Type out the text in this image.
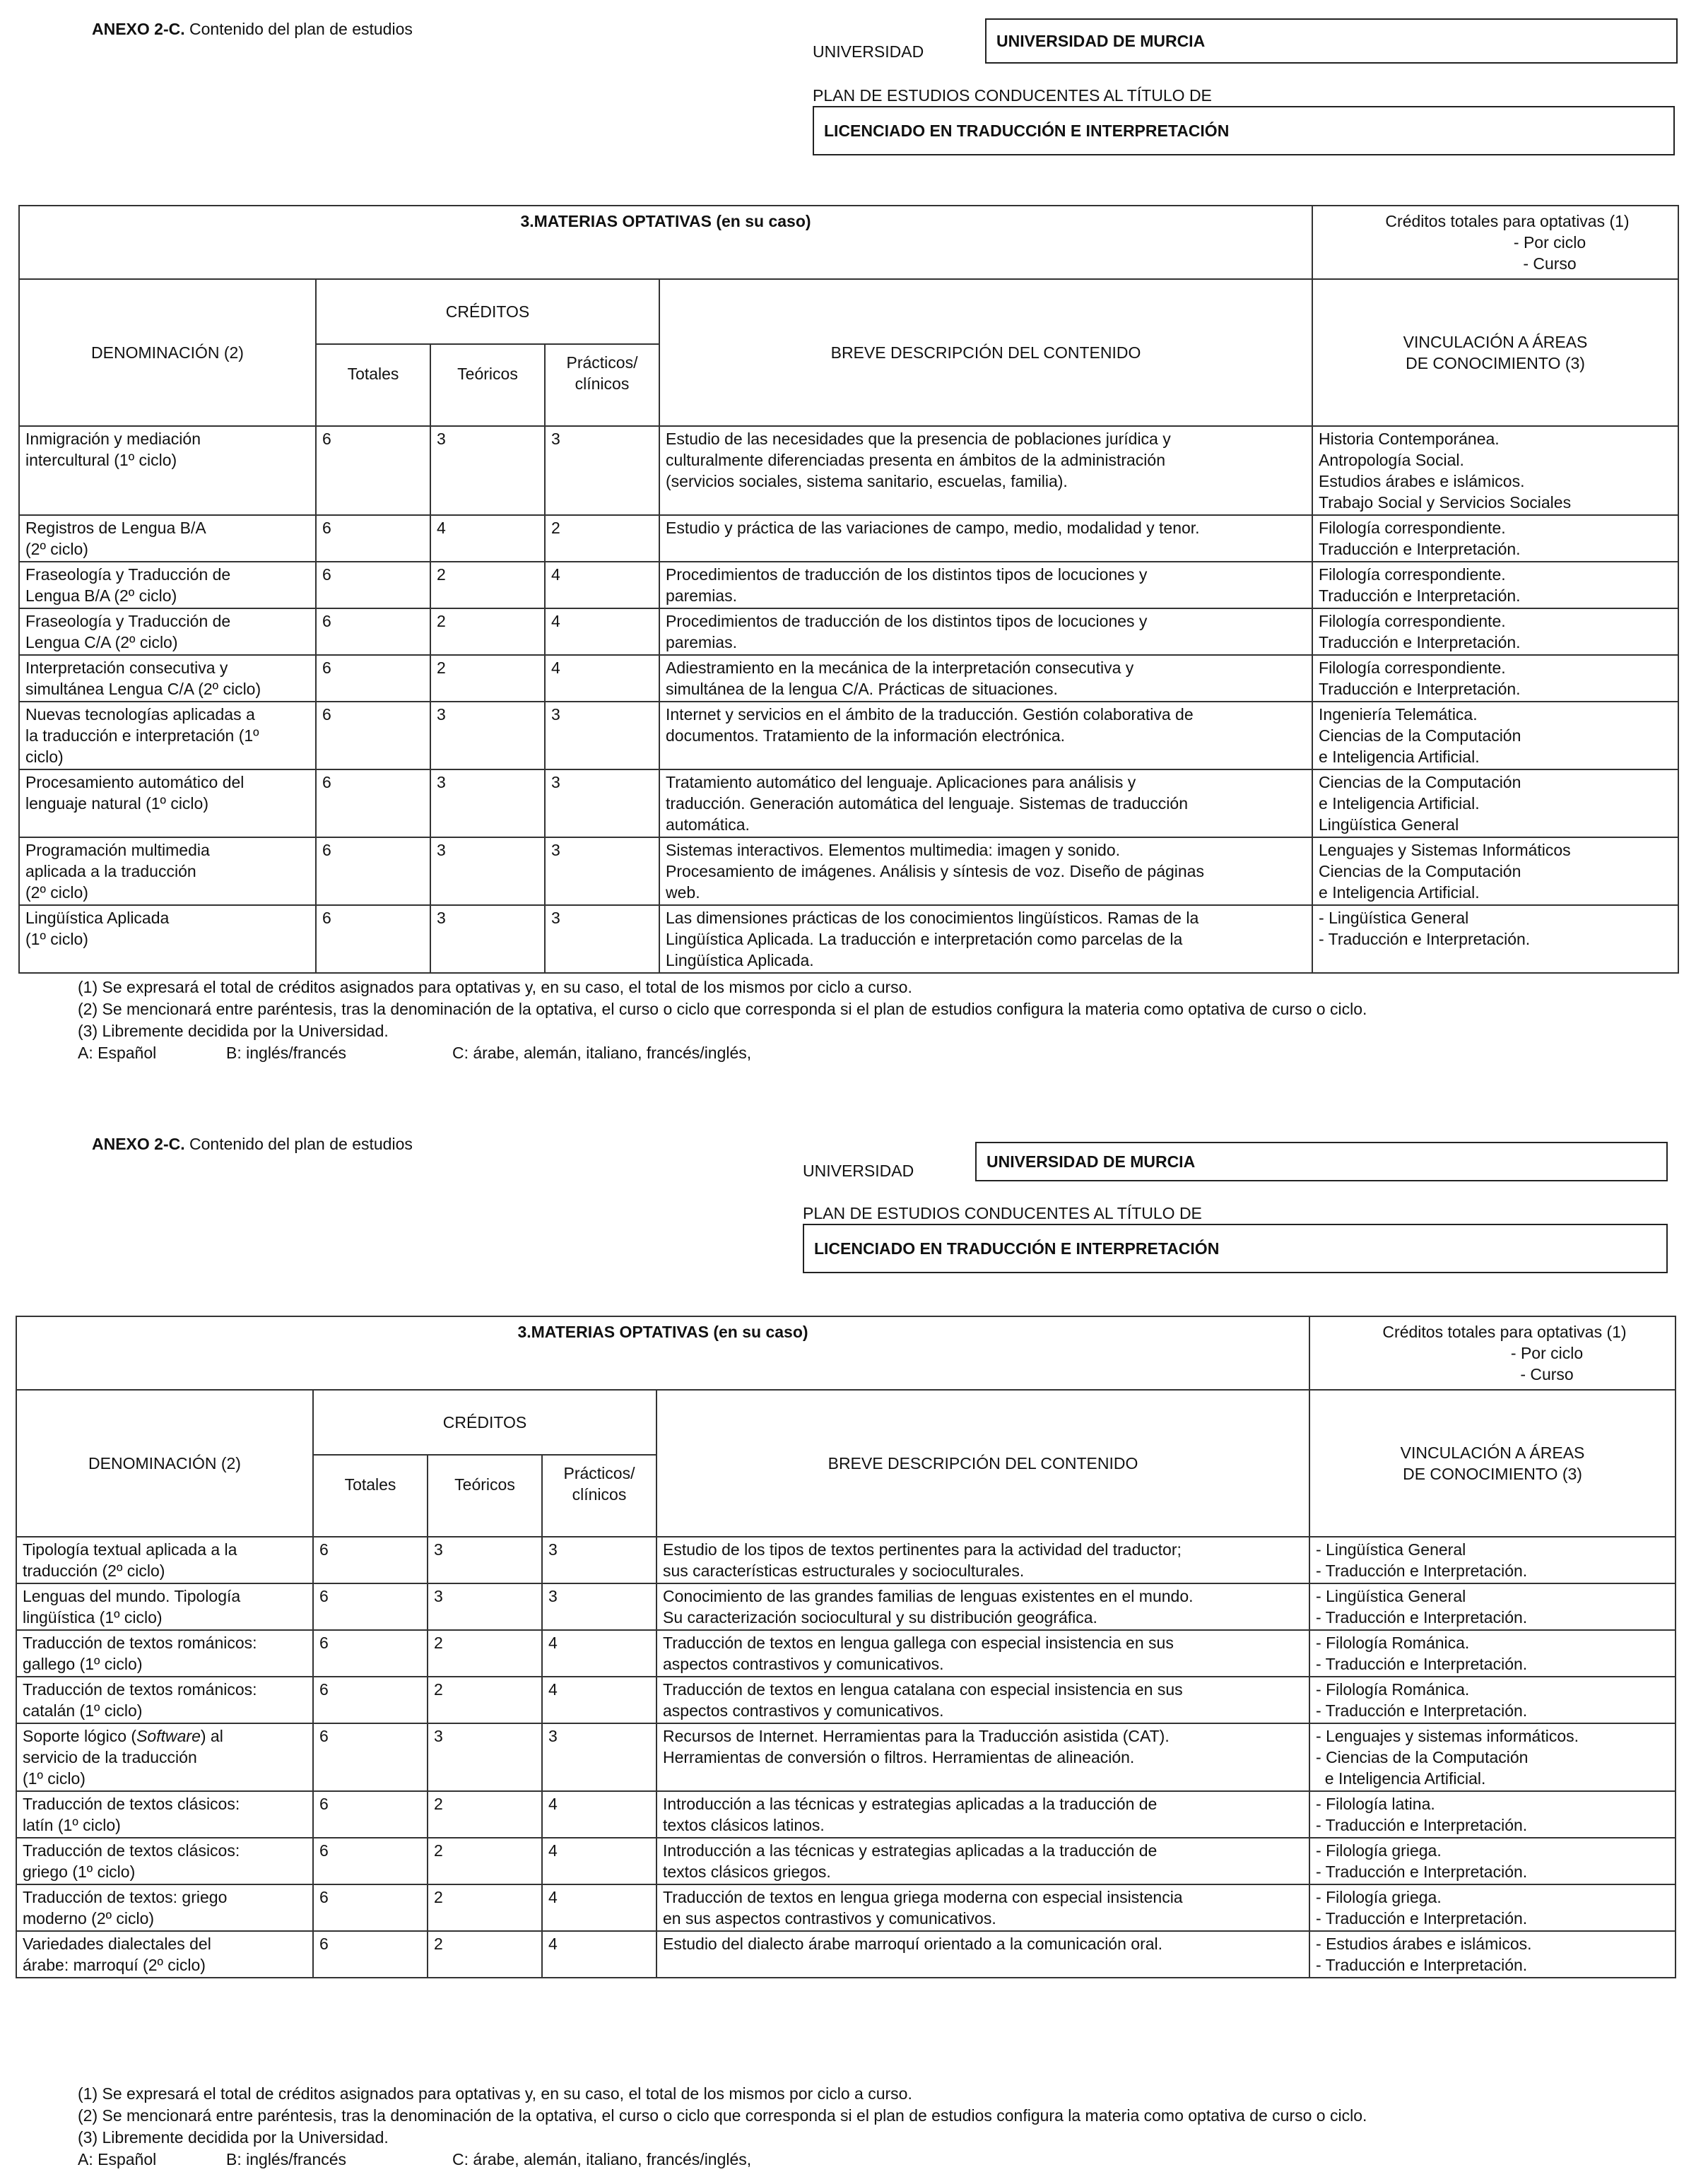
ANEXO 2-C. Contenido del plan de estudios
UNIVERSIDAD
UNIVERSIDAD DE MURCIA
PLAN DE ESTUDIOS CONDUCENTES AL TÍTULO DE
LICENCIADO EN TRADUCCIÓN E INTERPRETACIÓN
3.MATERIAS OPTATIVAS (en su caso)					Créditos totales para optativas (1)
- Por ciclo
- Curso

DENOMINACIÓN (2)	CRÉDITOS			BREVE DESCRIPCIÓN DEL CONTENIDO	VINCULACIÓN A ÁREAS
DE CONOCIMIENTO (3)

	Totales	Teóricos	Prácticos/
clínicos		

Inmigración y mediación
intercultural (1º ciclo)	6	3	3	Estudio de las necesidades que la presencia de poblaciones jurídica y
culturalmente diferenciadas presenta en ámbitos de la administración
(servicios sociales, sistema sanitario, escuelas, familia).	Historia Contemporánea.
Antropología Social.
Estudios árabes e islámicos.
Trabajo Social y Servicios Sociales

Registros de Lengua B/A
(2º ciclo)	6	4	2	Estudio y práctica de las variaciones de campo, medio, modalidad y tenor.	Filología correspondiente.
Traducción e Interpretación.

Fraseología y Traducción de
Lengua B/A (2º ciclo)	6	2	4	Procedimientos de traducción de los distintos tipos de locuciones y
paremias.	Filología correspondiente.
Traducción e Interpretación.

Fraseología y Traducción de
Lengua C/A (2º ciclo)	6	2	4	Procedimientos de traducción de los distintos tipos de locuciones y
paremias.	Filología correspondiente.
Traducción e Interpretación.

Interpretación consecutiva y
simultánea Lengua C/A (2º ciclo)	6	2	4	Adiestramiento en la mecánica de la interpretación consecutiva y
simultánea de la lengua C/A. Prácticas de situaciones.	Filología correspondiente.
Traducción e Interpretación.

Nuevas tecnologías aplicadas a
la traducción e interpretación (1º
ciclo)	6	3	3	Internet y servicios en el ámbito de la traducción. Gestión colaborativa de
documentos. Tratamiento de la información electrónica.	Ingeniería Telemática.
Ciencias de la Computación
e Inteligencia Artificial.

Procesamiento automático del
lenguaje natural (1º ciclo)	6	3	3	Tratamiento automático del lenguaje. Aplicaciones para análisis y
traducción. Generación automática del lenguaje. Sistemas de traducción
automática.	Ciencias de la Computación
e Inteligencia Artificial.
Lingüística General

Programación multimedia
aplicada a la traducción
(2º ciclo)	6	3	3	Sistemas interactivos. Elementos multimedia: imagen y sonido.
Procesamiento de imágenes. Análisis y síntesis de voz. Diseño de páginas
web.	Lenguajes y Sistemas Informáticos
Ciencias de la Computación
e Inteligencia Artificial.

Lingüística Aplicada
(1º ciclo)	6	3	3	Las dimensiones prácticas de los conocimientos lingüísticos. Ramas de la
Lingüística Aplicada. La traducción e interpretación como parcelas de la
Lingüística Aplicada.	- Lingüística General
- Traducción e Interpretación.
(1) Se expresará el total de créditos asignados para optativas y, en su caso, el total de los mismos por ciclo a curso.
(2) Se mencionará entre paréntesis, tras la denominación de la optativa, el curso o ciclo que corresponda si el plan de estudios configura la materia como optativa de curso o ciclo.
(3) Libremente decidida por la Universidad.
A: Español	B: inglés/francés	C: árabe, alemán, italiano, francés/inglés,
ANEXO 2-C. Contenido del plan de estudios
UNIVERSIDAD
UNIVERSIDAD DE MURCIA
PLAN DE ESTUDIOS CONDUCENTES AL TÍTULO DE
LICENCIADO EN TRADUCCIÓN E INTERPRETACIÓN
3.MATERIAS OPTATIVAS (en su caso)					Créditos totales para optativas (1)
- Por ciclo
- Curso

DENOMINACIÓN (2)	CRÉDITOS			BREVE DESCRIPCIÓN DEL CONTENIDO	VINCULACIÓN A ÁREAS
DE CONOCIMIENTO (3)

	Totales	Teóricos	Prácticos/
clínicos		

Tipología textual aplicada a la
traducción (2º ciclo)	6	3	3	Estudio de los tipos de textos pertinentes para la actividad del traductor;
sus características estructurales y socioculturales.	- Lingüística General
- Traducción e Interpretación.

Lenguas del mundo. Tipología
lingüística (1º ciclo)	6	3	3	Conocimiento de las grandes familias de lenguas existentes en el mundo.
Su caracterización sociocultural y su distribución geográfica.	- Lingüística General
- Traducción e Interpretación.

Traducción de textos románicos:
gallego (1º ciclo)	6	2	4	Traducción de textos en lengua gallega con especial insistencia en sus
aspectos contrastivos y comunicativos.	- Filología Románica.
- Traducción e Interpretación.

Traducción de textos románicos:
catalán (1º ciclo)	6	2	4	Traducción de textos en lengua catalana con especial insistencia en sus
aspectos contrastivos y comunicativos.	- Filología Románica.
- Traducción e Interpretación.

Soporte lógico (Software) al
servicio de la traducción
(1º ciclo)	6	3	3	Recursos de Internet. Herramientas para la Traducción asistida (CAT).
Herramientas de conversión o filtros. Herramientas de alineación.	- Lenguajes y sistemas informáticos.
- Ciencias de la Computación
e Inteligencia Artificial.

Traducción de textos clásicos:
latín (1º ciclo)	6	2	4	Introducción a las técnicas y estrategias aplicadas a la traducción de
textos clásicos latinos.	- Filología latina.
- Traducción e Interpretación.

Traducción de textos clásicos:
griego (1º ciclo)	6	2	4	Introducción a las técnicas y estrategias aplicadas a la traducción de
textos clásicos griegos.	- Filología griega.
- Traducción e Interpretación.

Traducción de textos: griego
moderno (2º ciclo)	6	2	4	Traducción de textos en lengua griega moderna con especial insistencia
en sus aspectos contrastivos y comunicativos.	- Filología griega.
- Traducción e Interpretación.

Variedades dialectales del
árabe: marroquí (2º ciclo)	6	2	4	Estudio del dialecto árabe marroquí orientado a la comunicación oral.	- Estudios árabes e islámicos.
- Traducción e Interpretación.
(1) Se expresará el total de créditos asignados para optativas y, en su caso, el total de los mismos por ciclo a curso.
(2) Se mencionará entre paréntesis, tras la denominación de la optativa, el curso o ciclo que corresponda si el plan de estudios configura la materia como optativa de curso o ciclo.
(3) Libremente decidida por la Universidad.
A: Español	B: inglés/francés	C: árabe, alemán, italiano, francés/inglés,
